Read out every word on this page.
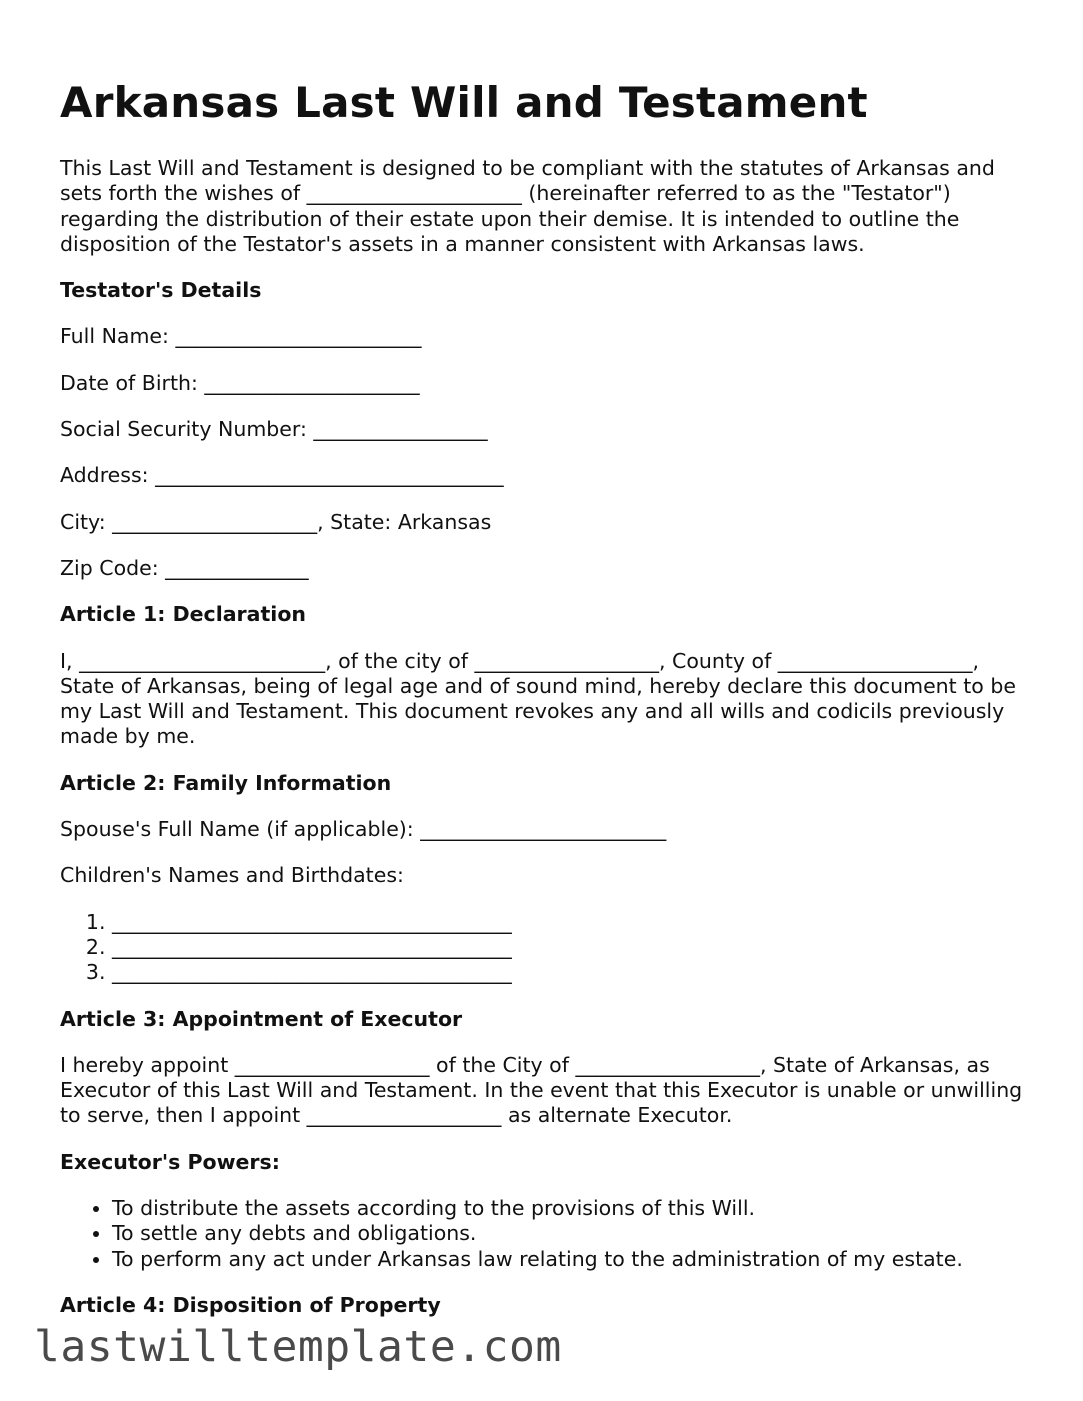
Arkansas Last Will and Testament

This Last Will and Testament is designed to be compliant with the statutes of Arkansas and sets forth the wishes of _____________________ (hereinafter referred to as the "Testator") regarding the distribution of their estate upon their demise. It is intended to outline the disposition of the Testator's assets in a manner consistent with Arkansas laws.

Testator's Details

Full Name: ________________________

Date of Birth: _____________________

Social Security Number: _________________

Address: __________________________________

City: ____________________, State: Arkansas

Zip Code: ______________

Article 1: Declaration

I, ________________________, of the city of __________________, County of ___________________, State of Arkansas, being of legal age and of sound mind, hereby declare this document to be my Last Will and Testament. This document revokes any and all wills and codicils previously made by me.

Article 2: Family Information

Spouse's Full Name (if applicable): ________________________

Children's Names and Birthdates:

1. _______________________________________
2. _______________________________________
3. _______________________________________
Article 3: Appointment of Executor

I hereby appoint ___________________ of the City of __________________, State of Arkansas, as Executor of this Last Will and Testament. In the event that this Executor is unable or unwilling to serve, then I appoint ___________________ as alternate Executor.

Executor's Powers:
• To distribute the assets according to the provisions of this Will.
• To settle any debts and obligations.
• To perform any act under Arkansas law relating to the administration of my estate.
Article 4: Disposition of Property
lastwilltemplate.com
